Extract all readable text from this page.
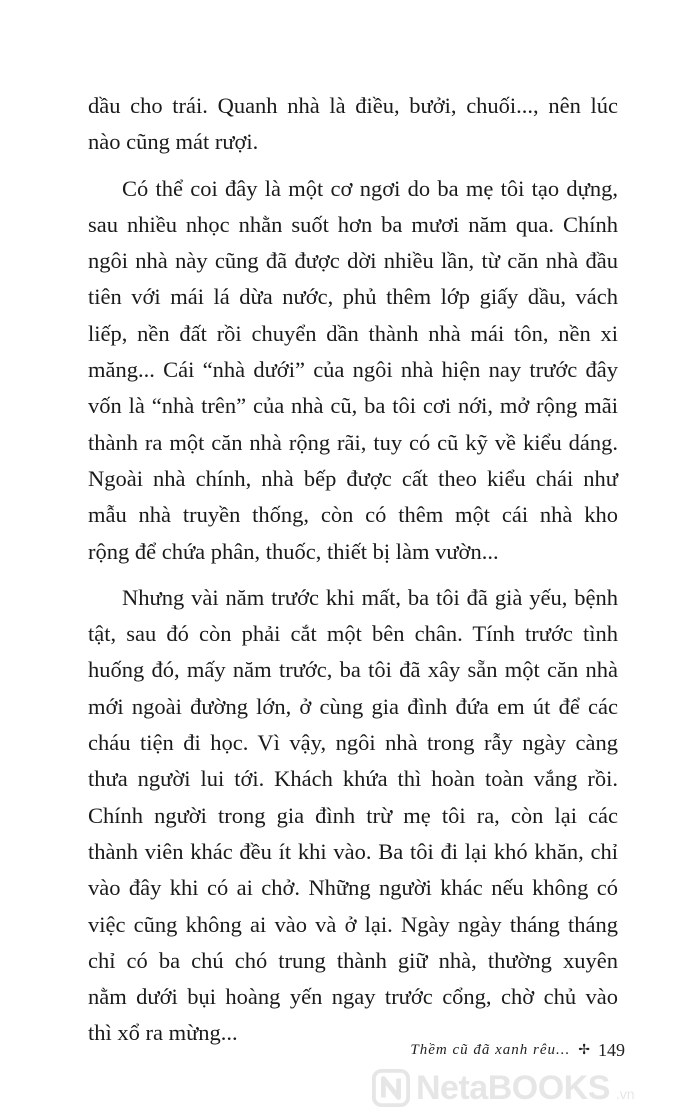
dầu cho trái. Quanh nhà là điều, bưởi, chuối..., nên lúc
nào cũng mát rượi.
Có thể coi đây là một cơ ngơi do ba mẹ tôi tạo dựng,
sau nhiều nhọc nhằn suốt hơn ba mươi năm qua. Chính
ngôi nhà này cũng đã được dời nhiều lần, từ căn nhà đầu
tiên với mái lá dừa nước, phủ thêm lớp giấy dầu, vách
liếp, nền đất rồi chuyển dần thành nhà mái tôn, nền xi
măng... Cái “nhà dưới” của ngôi nhà hiện nay trước đây
vốn là “nhà trên” của nhà cũ, ba tôi cơi nới, mở rộng mãi
thành ra một căn nhà rộng rãi, tuy có cũ kỹ về kiểu dáng.
Ngoài nhà chính, nhà bếp được cất theo kiểu chái như
mẫu nhà truyền thống, còn có thêm một cái nhà kho
rộng để chứa phân, thuốc, thiết bị làm vườn...
Nhưng vài năm trước khi mất, ba tôi đã già yếu, bệnh
tật, sau đó còn phải cắt một bên chân. Tính trước tình
huống đó, mấy năm trước, ba tôi đã xây sẵn một căn nhà
mới ngoài đường lớn, ở cùng gia đình đứa em út để các
cháu tiện đi học. Vì vậy, ngôi nhà trong rẫy ngày càng
thưa người lui tới. Khách khứa thì hoàn toàn vắng rồi.
Chính người trong gia đình trừ mẹ tôi ra, còn lại các
thành viên khác đều ít khi vào. Ba tôi đi lại khó khăn, chỉ
vào đây khi có ai chở. Những người khác nếu không có
việc cũng không ai vào và ở lại. Ngày ngày tháng tháng
chỉ có ba chú chó trung thành giữ nhà, thường xuyên
nằm dưới bụi hoàng yến ngay trước cổng, chờ chủ vào
thì xổ ra mừng...
Thềm cũ đã xanh rêu... ✢ 149
NetaBOOKS .vn
